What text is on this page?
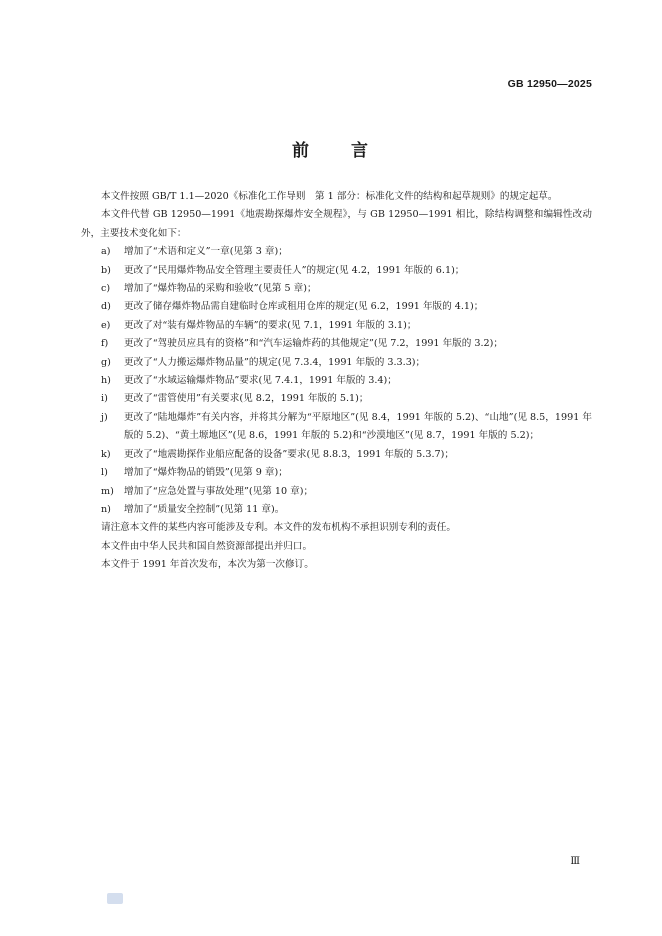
GB 12950—2025
前 言

本文件按照 GB/T 1.1—2020《标准化工作导则　第 1 部分：标准化文件的结构和起草规则》的规定起草。

本文件代替 GB 12950—1991《地震勘探爆炸安全规程》，与 GB 12950—1991 相比，除结构调整和编辑性改动外，主要技术变化如下：

a) 增加了“术语和定义”一章(见第 3 章)；
b) 更改了“民用爆炸物品安全管理主要责任人”的规定(见 4.2，1991 年版的 6.1)；
c) 增加了“爆炸物品的采购和验收”(见第 5 章)；
d) 更改了储存爆炸物品需自建临时仓库或租用仓库的规定(见 6.2，1991 年版的 4.1)；
e) 更改了对“装有爆炸物品的车辆”的要求(见 7.1，1991 年版的 3.1)；
f) 更改了“驾驶员应具有的资格”和“汽车运输炸药的其他规定”(见 7.2，1991 年版的 3.2)；
g) 更改了“人力搬运爆炸物品量”的规定(见 7.3.4，1991 年版的 3.3.3)；
h) 更改了“水域运输爆炸物品”要求(见 7.4.1，1991 年版的 3.4)；
i) 更改了“雷管使用”有关要求(见 8.2，1991 年版的 5.1)；
j) 更改了“陆地爆炸”有关内容，并将其分解为“平原地区”(见 8.4，1991 年版的 5.2)、“山地”(见 8.5，1991 年版的 5.2)、“黄土塬地区”(见 8.6，1991 年版的 5.2)和“沙漠地区”(见 8.7，1991 年版的 5.2)；
k) 更改了“地震勘探作业船应配备的设备”要求(见 8.8.3，1991 年版的 5.3.7)；
l) 增加了“爆炸物品的销毁”(见第 9 章)；
m) 增加了“应急处置与事故处理”(见第 10 章)；
n) 增加了“质量安全控制”(见第 11 章)。

请注意本文件的某些内容可能涉及专利。本文件的发布机构不承担识别专利的责任。

本文件由中华人民共和国自然资源部提出并归口。

本文件于 1991 年首次发布，本次为第一次修订。

Ⅲ
